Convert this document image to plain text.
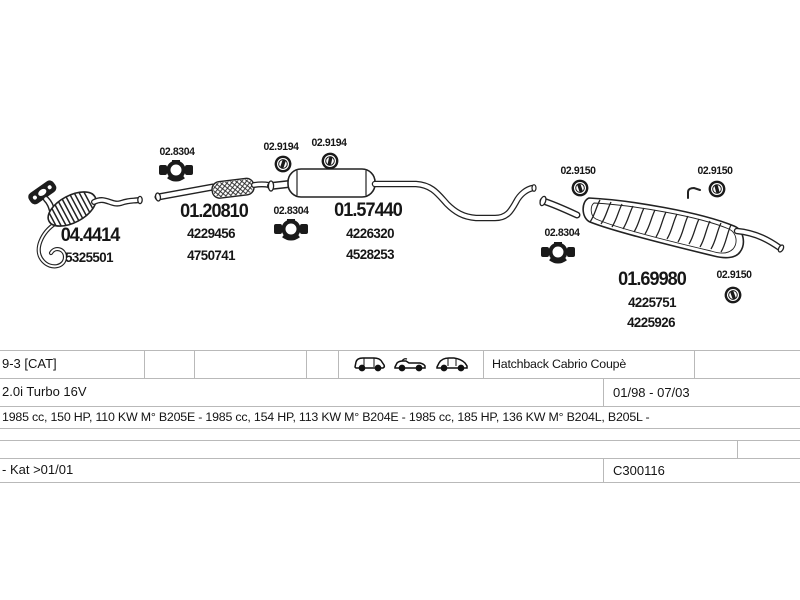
02.8304	02.9194 02.9194
02.8304
02.9150	02.9150
02.8304
02.9150
04.4414
5325501
01.20810
4229456
4750741
01.57440
4226320
4528253
01.69980
4225751
4225926
9-3 [CAT]	Hatchback Cabrio Coupè
2.0i Turbo 16V	01/98 - 07/03
1985 cc, 150 HP, 110 KW M° B205E - 1985 cc, 154 HP, 113 KW M° B204E - 1985 cc, 185 HP, 136 KW M° B204L, B205L -
- Kat >01/01	C300116
